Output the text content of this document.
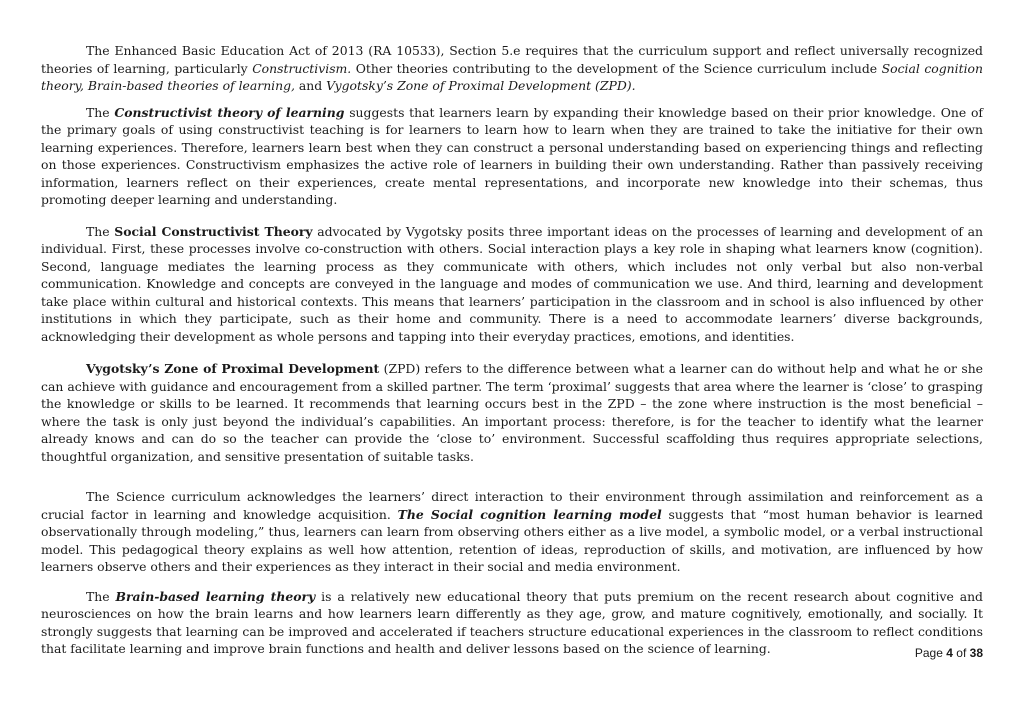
The Enhanced Basic Education Act of 2013 (RA 10533), Section 5.e requires that the curriculum support and reflect universally recognized theories of learning, particularly Constructivism. Other theories contributing to the development of the Science curriculum include Social cognition theory, Brain-based theories of learning, and Vygotsky’s Zone of Proximal Development (ZPD).

The Constructivist theory of learning suggests that learners learn by expanding their knowledge based on their prior knowledge. One of the primary goals of using constructivist teaching is for learners to learn how to learn when they are trained to take the initiative for their own learning experiences. Therefore, learners learn best when they can construct a personal understanding based on experiencing things and reflecting on those experiences. Constructivism emphasizes the active role of learners in building their own understanding. Rather than passively receiving information, learners reflect on their experiences, create mental representations, and incorporate new knowledge into their schemas, thus promoting deeper learning and understanding.

The Social Constructivist Theory advocated by Vygotsky posits three important ideas on the processes of learning and development of an individual. First, these processes involve co-construction with others. Social interaction plays a key role in shaping what learners know (cognition). Second, language mediates the learning process as they communicate with others, which includes not only verbal but also non-verbal communication. Knowledge and concepts are conveyed in the language and modes of communication we use. And third, learning and development take place within cultural and historical contexts. This means that learners’ participation in the classroom and in school is also influenced by other institutions in which they participate, such as their home and community. There is a need to accommodate learners’ diverse backgrounds, acknowledging their development as whole persons and tapping into their everyday practices, emotions, and identities.

Vygotsky’s Zone of Proximal Development (ZPD) refers to the difference between what a learner can do without help and what he or she can achieve with guidance and encouragement from a skilled partner. The term ‘proximal’ suggests that area where the learner is ‘close’ to grasping the knowledge or skills to be learned. It recommends that learning occurs best in the ZPD – the zone where instruction is the most beneficial – where the task is only just beyond the individual’s capabilities. An important process: therefore, is for the teacher to identify what the learner already knows and can do so the teacher can provide the ‘close to’ environment. Successful scaffolding thus requires appropriate selections, thoughtful organization, and sensitive presentation of suitable tasks.

The Science curriculum acknowledges the learners’ direct interaction to their environment through assimilation and reinforcement as a crucial factor in learning and knowledge acquisition. The Social cognition learning model suggests that “most human behavior is learned observationally through modeling,” thus, learners can learn from observing others either as a live model, a symbolic model, or a verbal instructional model. This pedagogical theory explains as well how attention, retention of ideas, reproduction of skills, and motivation, are influenced by how learners observe others and their experiences as they interact in their social and media environment.

The Brain-based learning theory is a relatively new educational theory that puts premium on the recent research about cognitive and neurosciences on how the brain learns and how learners learn differently as they age, grow, and mature cognitively, emotionally, and socially. It strongly suggests that learning can be improved and accelerated if teachers structure educational experiences in the classroom to reflect conditions that facilitate learning and improve brain functions and health and deliver lessons based on the science of learning.	Page 4 of 38
